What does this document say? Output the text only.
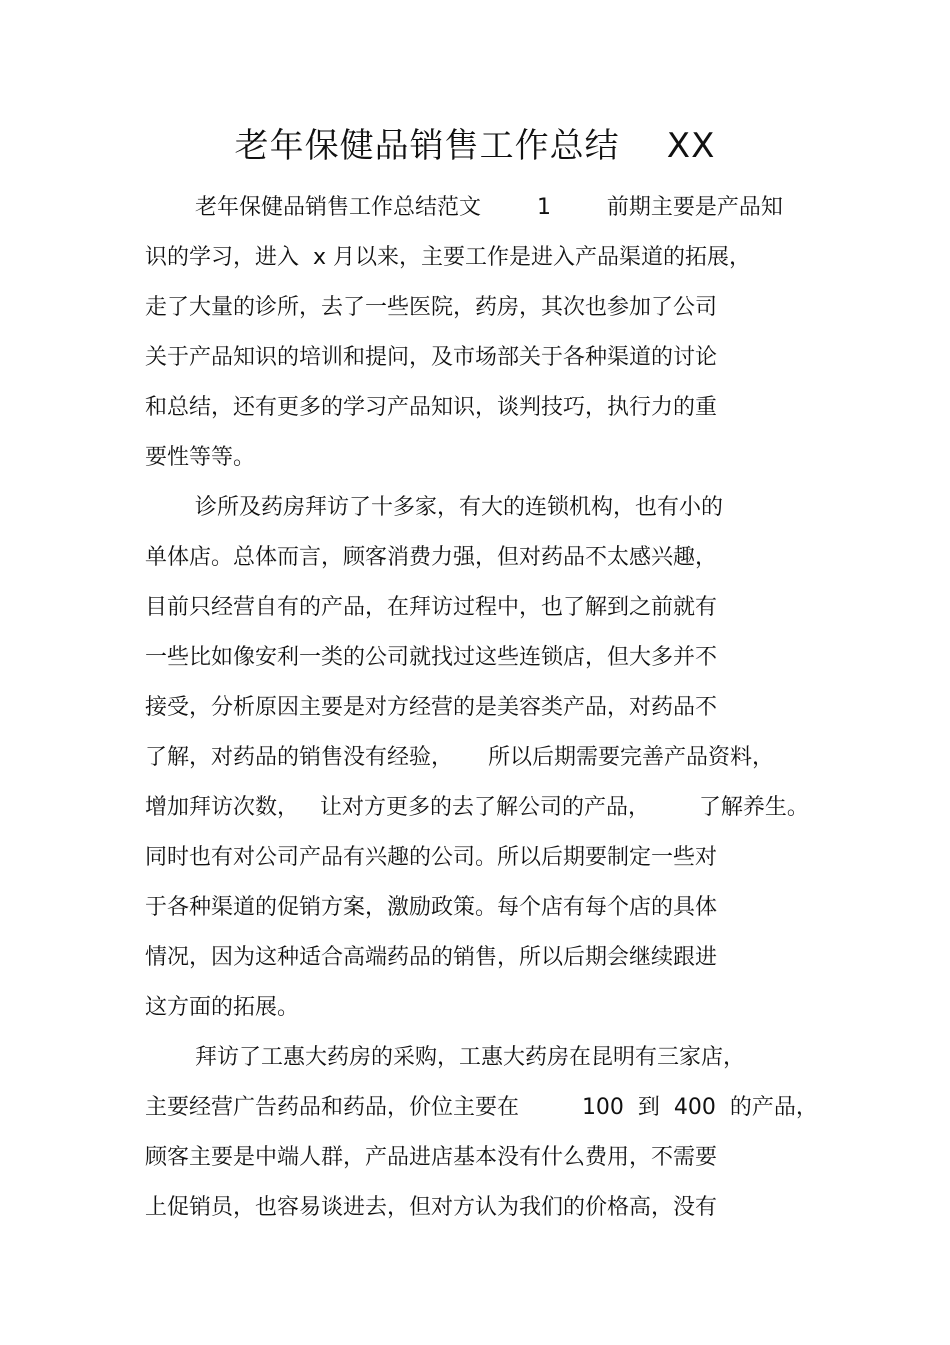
老年保健品销售工作总结    XX
老年保健品销售工作总结范文        1        前期主要是产品知
识的学习，进入  x 月以来，主要工作是进入产品渠道的拓展，
走了大量的诊所，去了一些医院，药房，其次也参加了公司
关于产品知识的培训和提问，及市场部关于各种渠道的讨论
和总结，还有更多的学习产品知识，谈判技巧，执行力的重
要性等等。
诊所及药房拜访了十多家，有大的连锁机构，也有小的
单体店。总体而言，顾客消费力强，但对药品不太感兴趣，
目前只经营自有的产品，在拜访过程中，也了解到之前就有
一些比如像安利一类的公司就找过这些连锁店，但大多并不
接受，分析原因主要是对方经营的是美容类产品，对药品不
了解，对药品的销售没有经验，     所以后期需要完善产品资料，
增加拜访次数，   让对方更多的去了解公司的产品，       了解养生。
同时也有对公司产品有兴趣的公司。所以后期要制定一些对
于各种渠道的促销方案，激励政策。每个店有每个店的具体
情况，因为这种适合高端药品的销售，所以后期会继续跟进
这方面的拓展。
拜访了工惠大药房的采购，工惠大药房在昆明有三家店，
主要经营广告药品和药品，价位主要在         100  到  400  的产品，
顾客主要是中端人群，产品进店基本没有什么费用，不需要
上促销员，也容易谈进去，但对方认为我们的价格高，没有
